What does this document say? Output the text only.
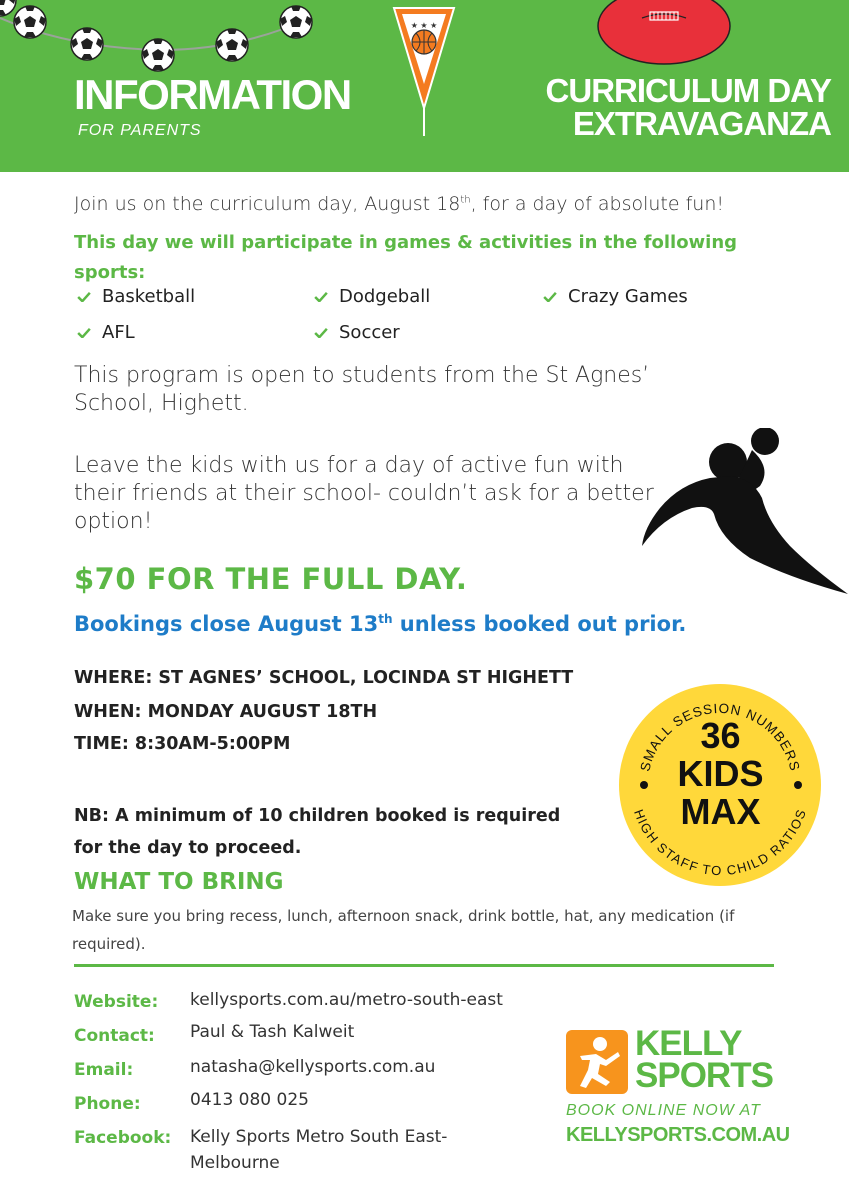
INFORMATION
FOR PARENTS
★ ★ ★
CURRICULUM DAY
EXTRAVAGANZA
Join us on the curriculum day, August 18th, for a day of absolute fun!
This day we will participate in games & activities in the following sports:
Basketball	Dodgeball	Crazy Games
AFL	Soccer
This program is open to students from the St Agnes’ School, Highett.
Leave the kids with us for a day of active fun with their friends at their school- couldn’t ask for a better option!
$70 FOR THE FULL DAY.
Bookings close August 13th unless booked out prior.
WHERE: ST AGNES’ SCHOOL, LOCINDA ST HIGHETT
WHEN: MONDAY AUGUST 18TH
TIME: 8:30AM-5:00PM
NB: A minimum of 10 children booked is required
for the day to proceed.
SMALL SESSION NUMBERS
HIGH STAFF TO CHILD RATIOS
36
KIDS
MAX
WHAT TO BRING
Make sure you bring recess, lunch, afternoon snack, drink bottle, hat, any medication (if required).
Website: kellysports.com.au/metro-south-east
Contact: Paul & Tash Kalweit
Email:	natasha@kellysports.com.au
Phone:	0413 080 025
Facebook: Kelly Sports Metro South East-
Melbourne
KELLY
SPORTS
BOOK ONLINE NOW AT
KELLYSPORTS.COM.AU
